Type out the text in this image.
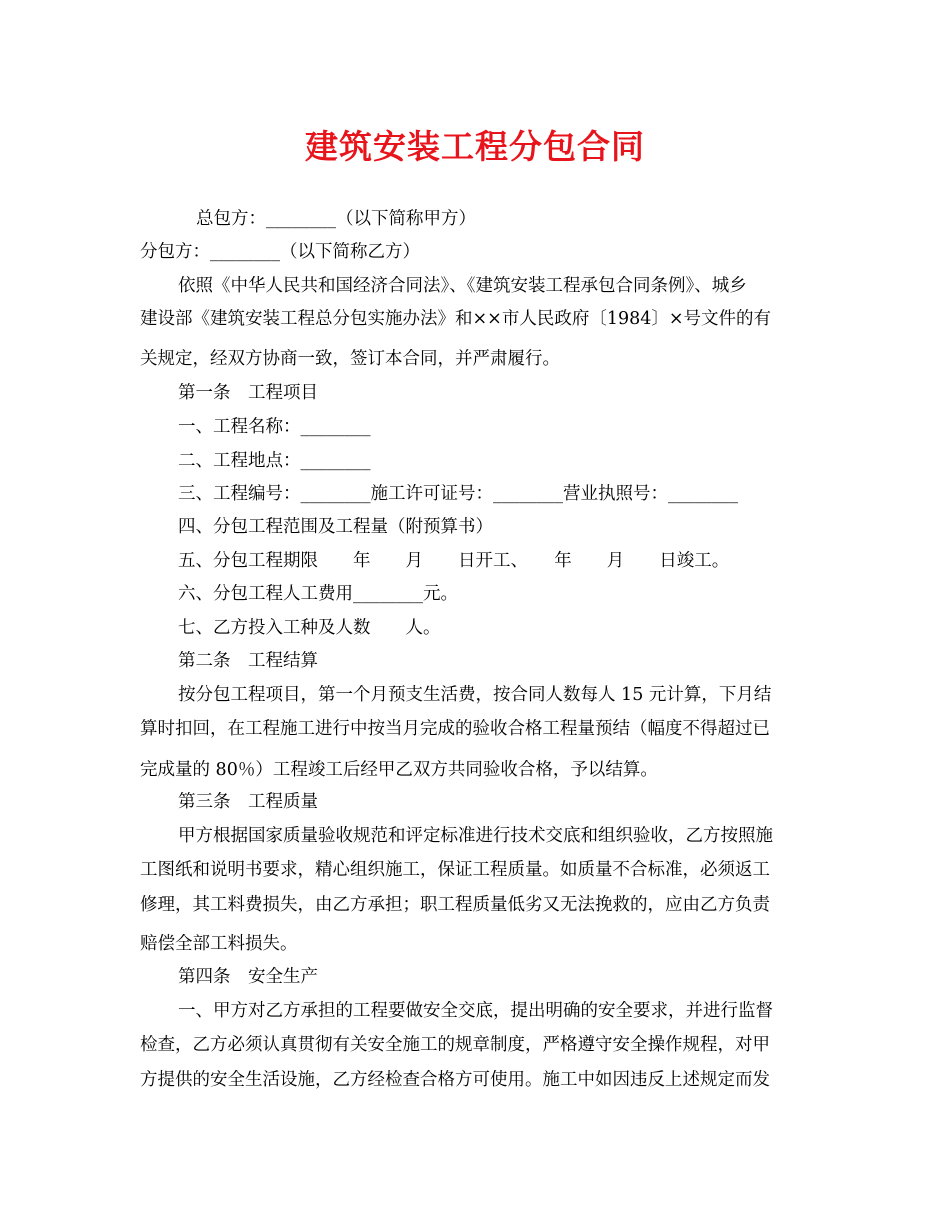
建筑安装工程分包合同
总包方：________（以下简称甲方）
分包方：________（以下简称乙方）
依照《中华人民共和国经济合同法》、《建筑安装工程承包合同条例》、城乡
建设部《建筑安装工程总分包实施办法》和××市人民政府〔1984〕×号文件的有
关规定，经双方协商一致，签订本合同，并严肃履行。
第一条　工程项目
一、工程名称：________
二、工程地点：________
三、工程编号：________施工许可证号：________营业执照号：________
四、分包工程范围及工程量（附预算书）
五、分包工程期限　　年　　月　　日开工、　　年　　月　　日竣工。
六、分包工程人工费用________元。
七、乙方投入工种及人数　　人。
第二条　工程结算
按分包工程项目，第一个月预支生活费，按合同人数每人 15 元计算，下月结
算时扣回，在工程施工进行中按当月完成的验收合格工程量预结（幅度不得超过已
完成量的 80％）工程竣工后经甲乙双方共同验收合格，予以结算。
第三条　工程质量
甲方根据国家质量验收规范和评定标准进行技术交底和组织验收，乙方按照施
工图纸和说明书要求，精心组织施工，保证工程质量。如质量不合标准，必须返工
修理，其工料费损失，由乙方承担；职工程质量低劣又无法挽救的，应由乙方负责
赔偿全部工料损失。
第四条　安全生产
一、甲方对乙方承担的工程要做安全交底，提出明确的安全要求，并进行监督
检查，乙方必须认真贯彻有关安全施工的规章制度，严格遵守安全操作规程，对甲
方提供的安全生活设施，乙方经检查合格方可使用。施工中如因违反上述规定而发
